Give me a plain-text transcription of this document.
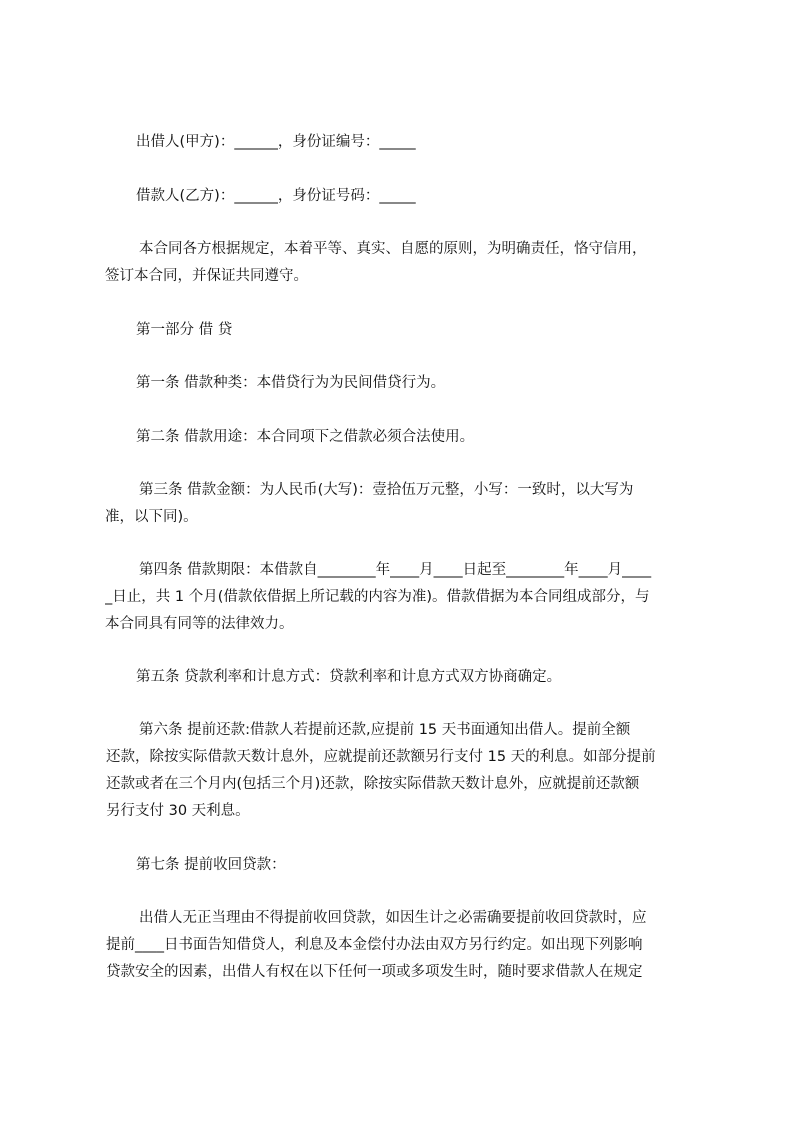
出借人(甲方)：______，身份证编号：_____
借款人(乙方)：______，身份证号码：_____
本合同各方根据规定，本着平等、真实、自愿的原则，为明确责任，恪守信用，
签订本合同，并保证共同遵守。
第一部分 借 贷
第一条 借款种类：本借贷行为为民间借贷行为。
第二条 借款用途：本合同项下之借款必须合法使用。
第三条 借款金额：为人民币(大写)：壹拾伍万元整，小写：一致时，以大写为
准，以下同)。
第四条 借款期限：本借款自________年____月____日起至________年____月____
_日止，共 1 个月(借款依借据上所记载的内容为准)。借款借据为本合同组成部分，与
本合同具有同等的法律效力。
第五条 贷款利率和计息方式：贷款利率和计息方式双方协商确定。
第六条 提前还款:借款人若提前还款,应提前 15 天书面通知出借人。提前全额
还款，除按实际借款天数计息外，应就提前还款额另行支付 15 天的利息。如部分提前
还款或者在三个月内(包括三个月)还款，除按实际借款天数计息外，应就提前还款额
另行支付 30 天利息。
第七条 提前收回贷款：
出借人无正当理由不得提前收回贷款，如因生计之必需确要提前收回贷款时，应
提前____日书面告知借贷人，利息及本金偿付办法由双方另行约定。如出现下列影响
贷款安全的因素，出借人有权在以下任何一项或多项发生时，随时要求借款人在规定
